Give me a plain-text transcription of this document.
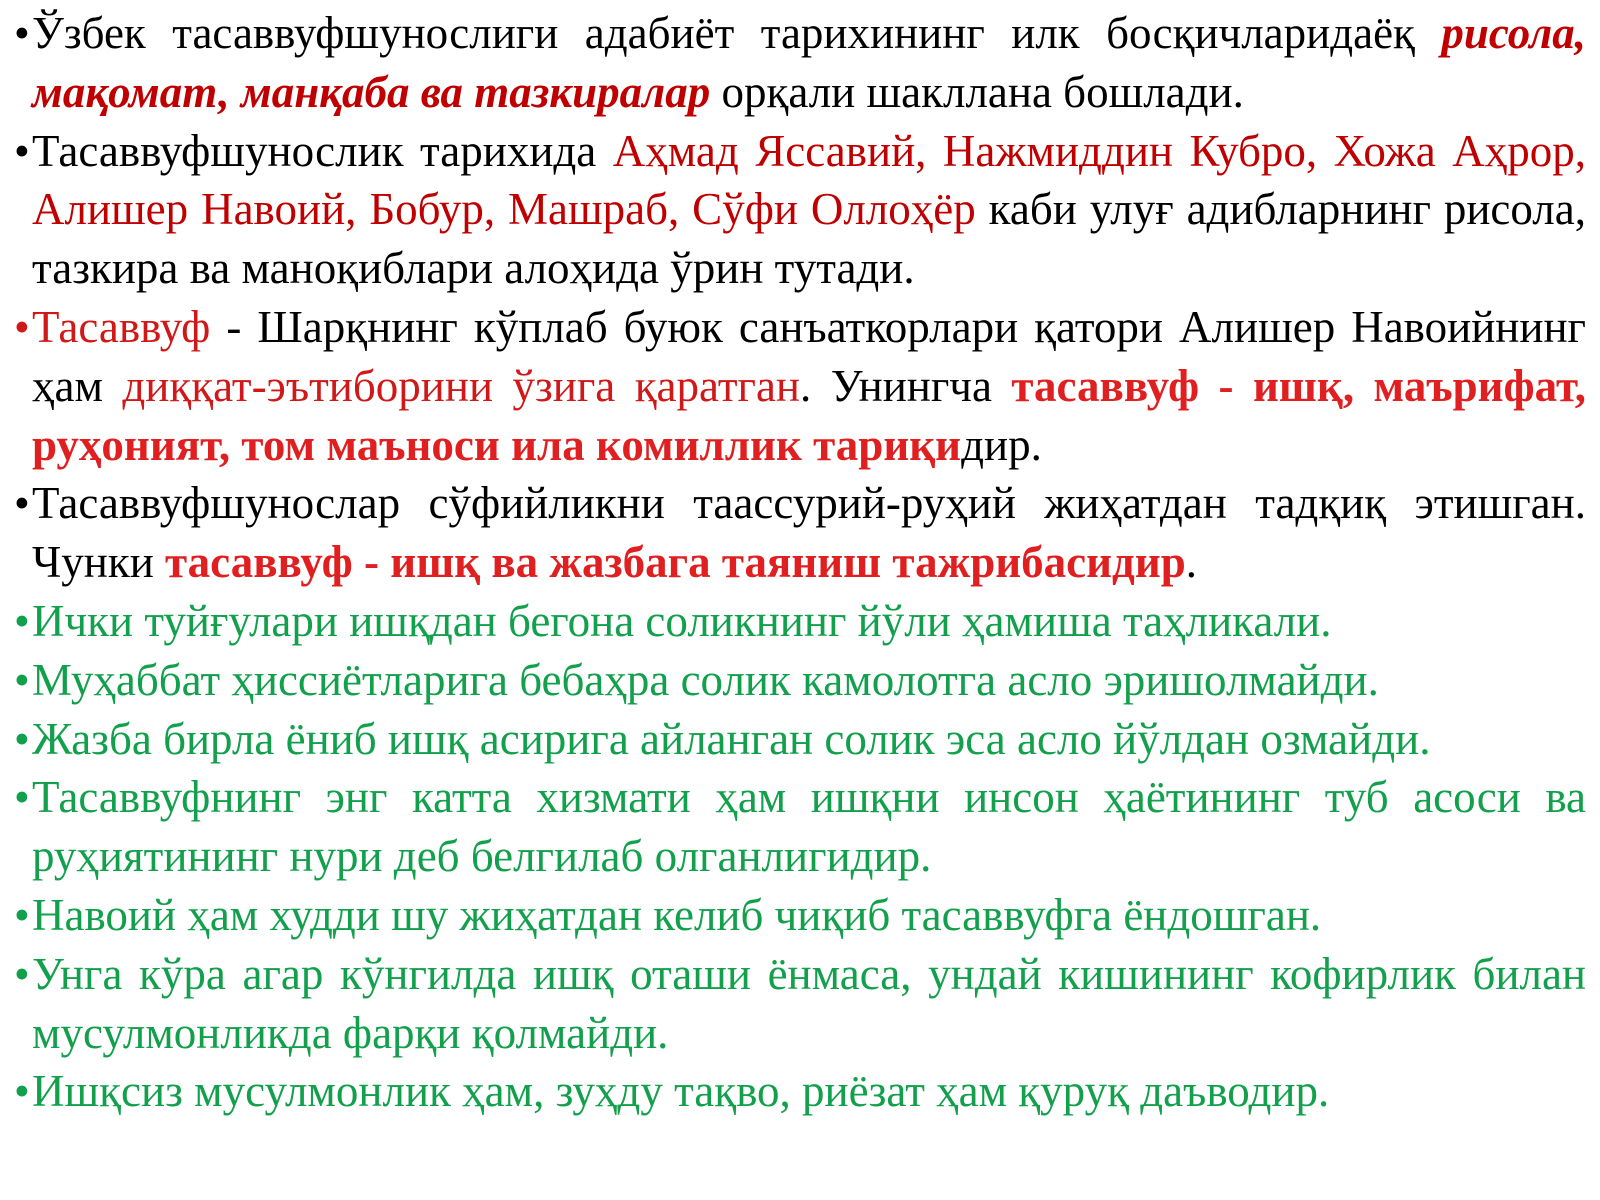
• Ўзбек тасаввуфшунослиги адабиёт тарихининг илк босқичларидаёқ рисола, мақомат, манқаба ва тазкиралар орқали шакллана бошлади.

• Тасаввуфшунослик тарихида Аҳмад Яссавий, Нажмиддин Кубро, Хожа Аҳрор, Алишер Навоий, Бобур, Машраб, Сўфи Оллоҳёр каби улуғ адибларнинг рисола, тазкира ва маноқиблари алоҳида ўрин тутади.

• Тасаввуф - Шарқнинг кўплаб буюк санъаткорлари қатори Алишер Навоийнинг ҳам диққат-эътиборини ўзига қаратган. Унингча тасаввуф - ишқ, маърифат, руҳоният, том маъноси ила комиллик тариқидир.

• Тасаввуфшунослар сўфийликни таассурий-руҳий жиҳатдан тадқиқ этишган. Чунки тасаввуф - ишқ ва жазбага таяниш тажрибасидир.

• Ички туйғулари ишқдан бегона соликнинг йўли ҳамиша таҳликали.

• Муҳаббат ҳиссиётларига бебаҳра солик камолотга асло эришолмайди.

• Жазба бирла ёниб ишқ асирига айланган солик эса асло йўлдан озмайди.

• Тасаввуфнинг энг катта хизмати ҳам ишқни инсон ҳаётининг туб асоси ва руҳиятининг нури деб белгилаб олганлигидир.

• Навоий ҳам худди шу жиҳатдан келиб чиқиб тасаввуфга ёндошган.

• Унга кўра агар кўнгилда ишқ оташи ёнмаса, ундай кишининг кофирлик билан мусулмонликда фарқи қолмайди.

• Ишқсиз мусулмонлик ҳам, зуҳду тақво, риёзат ҳам қуруқ даъводир.
